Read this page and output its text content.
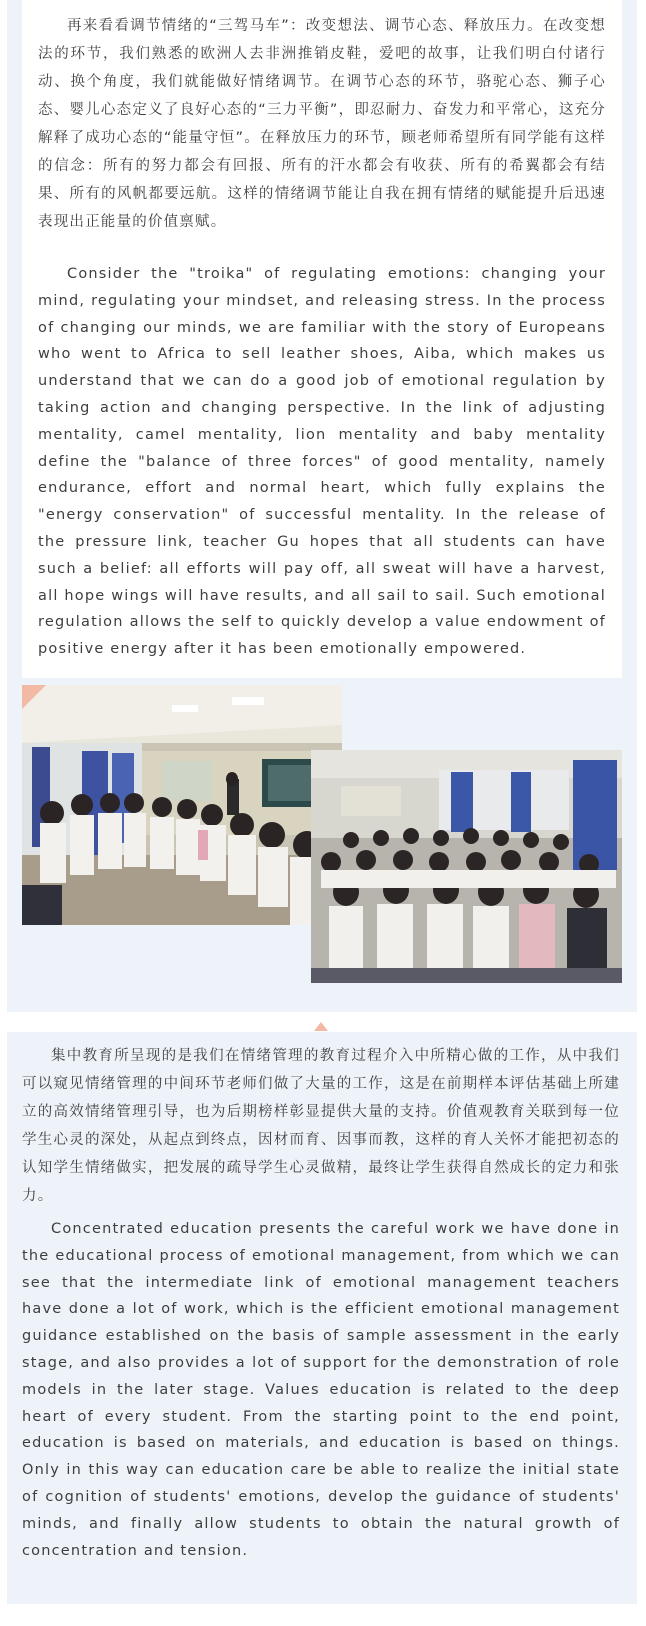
再来看看调节情绪的“三驾马车”：改变想法、调节心态、释放压力。在改变想法的环节，我们熟悉的欧洲人去非洲推销皮鞋，爱吧的故事，让我们明白付诸行动、换个角度，我们就能做好情绪调节。在调节心态的环节，骆驼心态、狮子心态、婴儿心态定义了良好心态的“三力平衡”，即忍耐力、奋发力和平常心，这充分解释了成功心态的“能量守恒”。在释放压力的环节，顾老师希望所有同学能有这样的信念：所有的努力都会有回报、所有的汗水都会有收获、所有的希翼都会有结果、所有的风帆都要远航。这样的情绪调节能让自我在拥有情绪的赋能提升后迅速表现出正能量的价值禀赋。

Consider the "troika" of regulating emotions: changing your mind, regulating your mindset, and releasing stress. In the process of changing our minds, we are familiar with the story of Europeans who went to Africa to sell leather shoes, Aiba, which makes us understand that we can do a good job of emotional regulation by taking action and changing perspective. In the link of adjusting mentality, camel mentality, lion mentality and baby mentality define the "balance of three forces" of good mentality, namely endurance, effort and normal heart, which fully explains the "energy conservation" of successful mentality. In the release of the pressure link, teacher Gu hopes that all students can have such a belief: all efforts will pay off, all sweat will have a harvest, all hope wings will have results, and all sail to sail. Such emotional regulation allows the self to quickly develop a value endowment of positive energy after it has been emotionally empowered.

集中教育所呈现的是我们在情绪管理的教育过程介入中所精心做的工作，从中我们可以窥见情绪管理的中间环节老师们做了大量的工作，这是在前期样本评估基础上所建立的高效情绪管理引导，也为后期榜样彰显提供大量的支持。价值观教育关联到每一位学生心灵的深处，从起点到终点，因材而育、因事而教，这样的育人关怀才能把初态的认知学生情绪做实，把发展的疏导学生心灵做精，最终让学生获得自然成长的定力和张力。

Concentrated education presents the careful work we have done in the educational process of emotional management, from which we can see that the intermediate link of emotional management teachers have done a lot of work, which is the efficient emotional management guidance established on the basis of sample assessment in the early stage, and also provides a lot of support for the demonstration of role models in the later stage. Values education is related to the deep heart of every student. From the starting point to the end point, education is based on materials, and education is based on things. Only in this way can education care be able to realize the initial state of cognition of students' emotions, develop the guidance of students' minds, and finally allow students to obtain the natural growth of concentration and tension.
